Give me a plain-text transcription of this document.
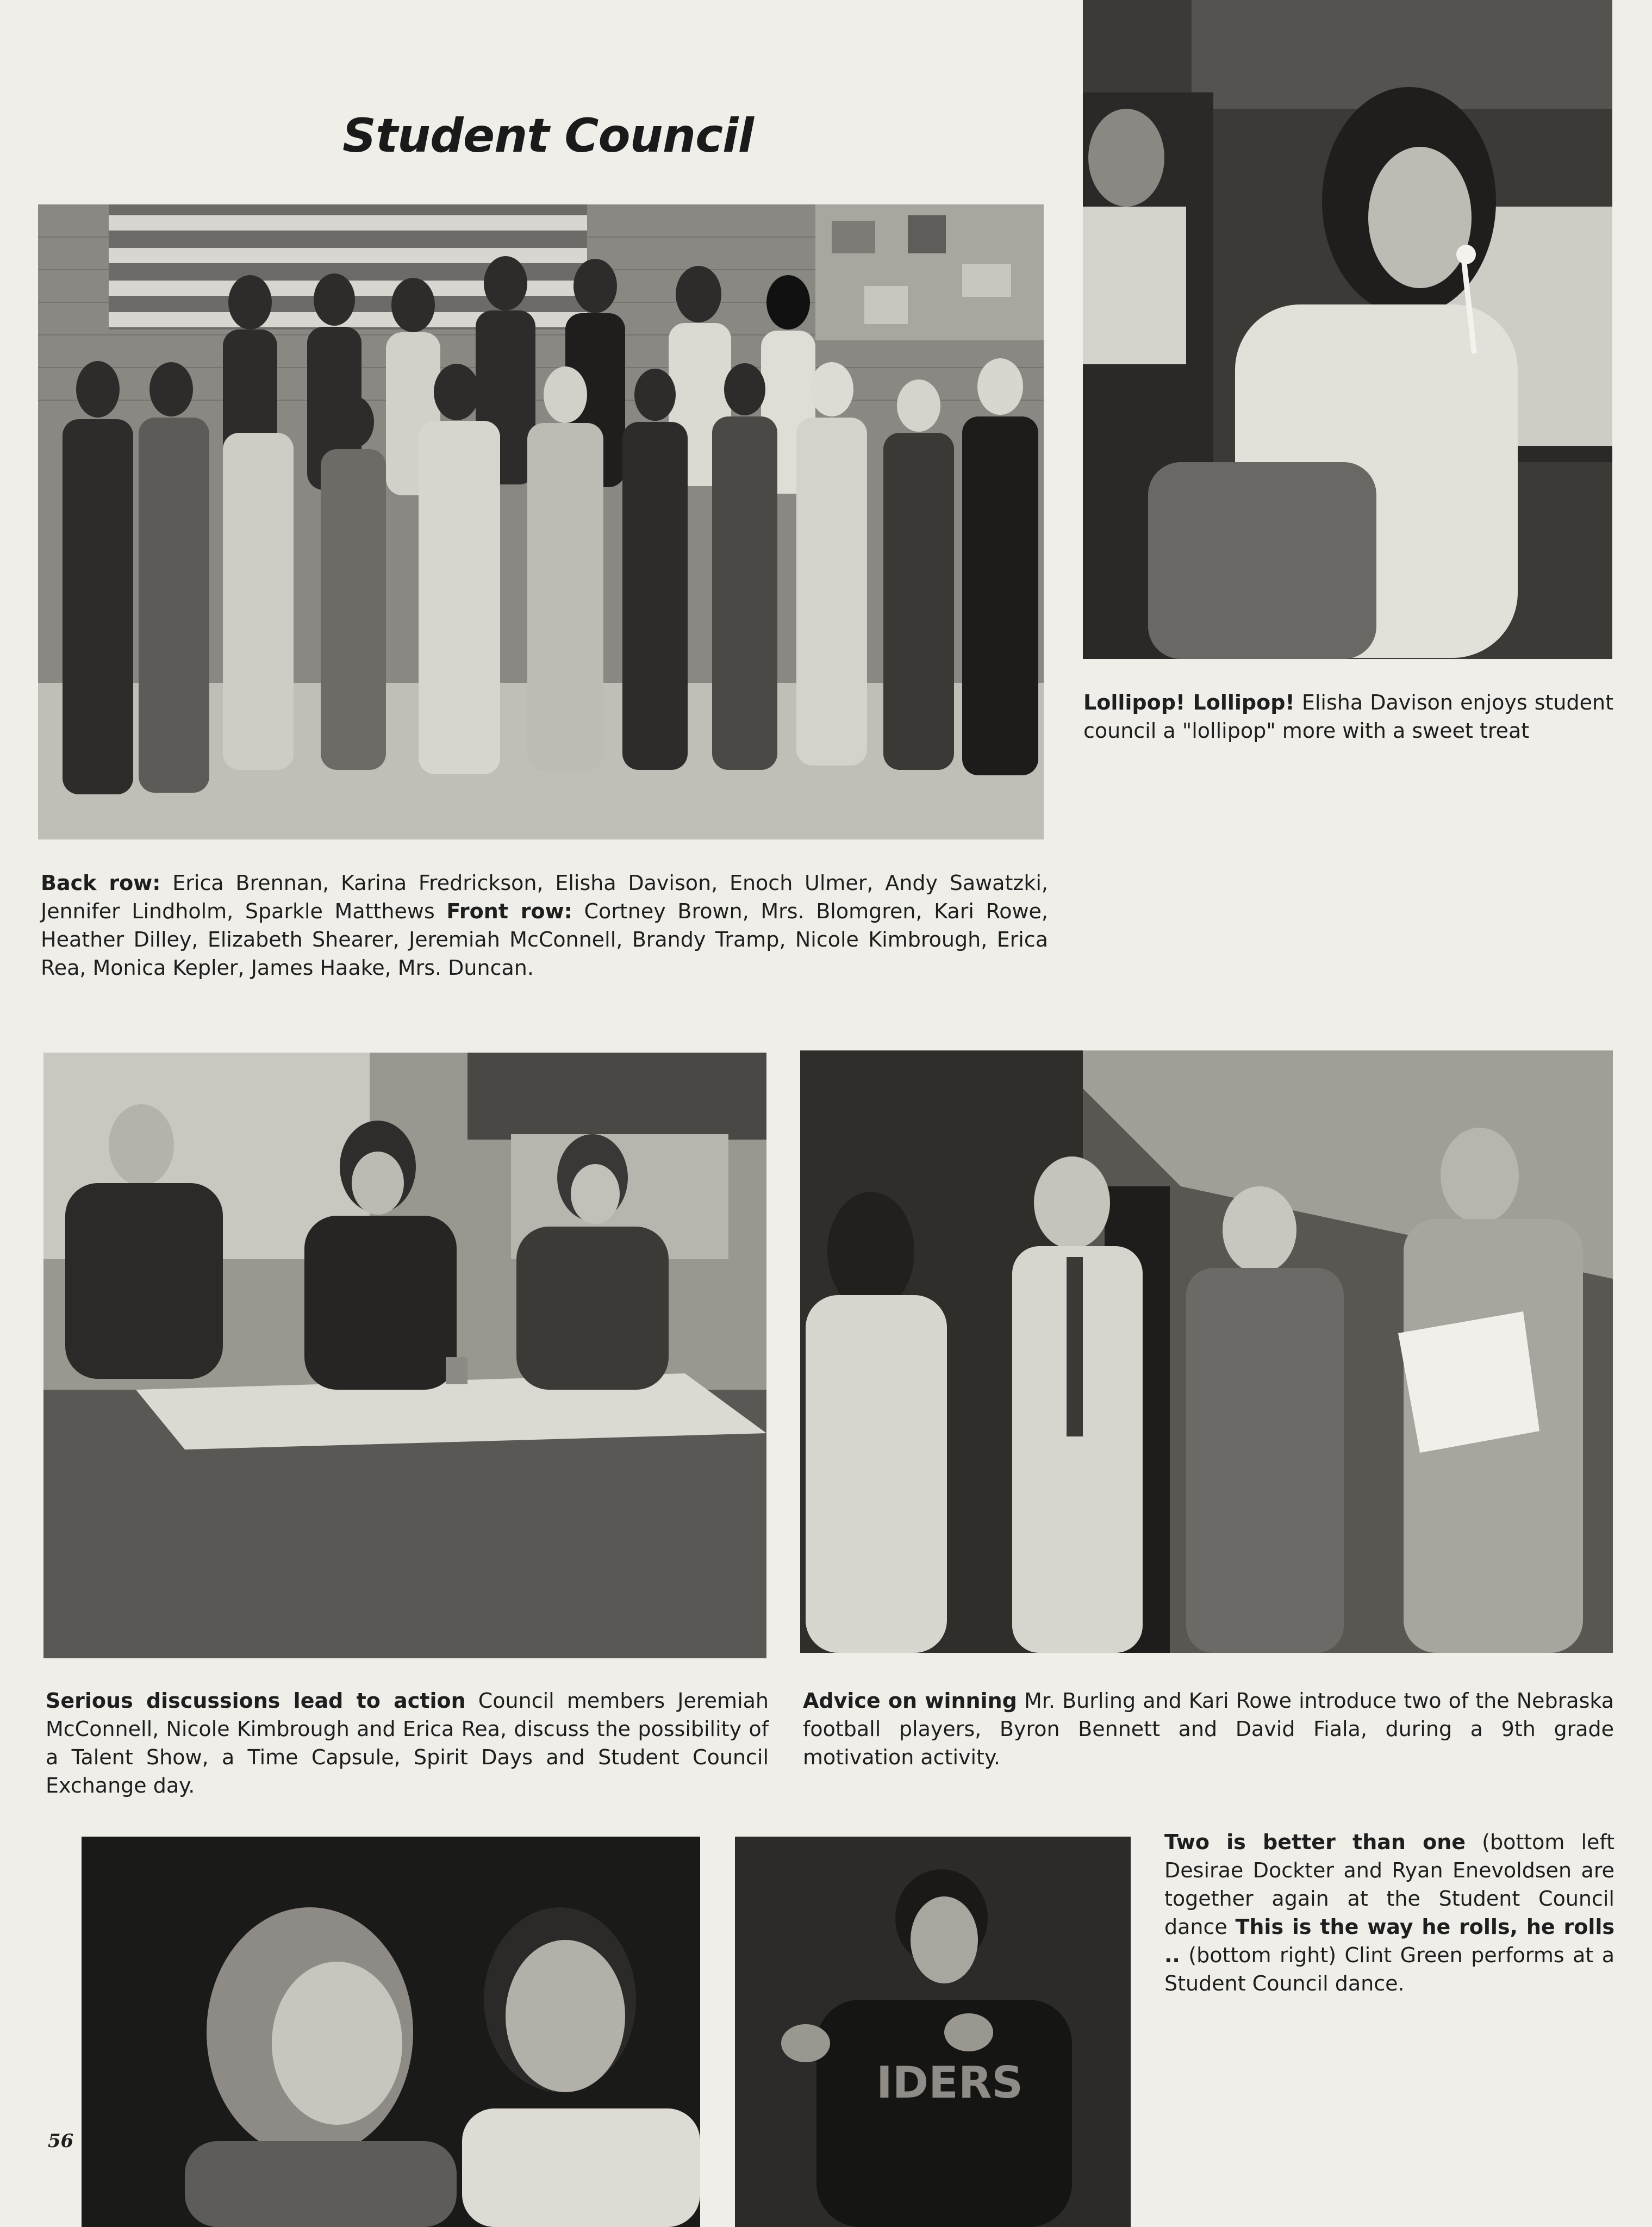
Student Council

Lollipop! Lollipop! Elisha Davison enjoys student council a "lollipop" more with a sweet treat

Back row: Erica Brennan, Karina Fredrickson, Elisha Davison, Enoch Ulmer, Andy Sawatzki, Jennifer Lindholm, Sparkle Matthews Front row: Cortney Brown, Mrs. Blomgren, Kari Rowe, Heather Dilley, Elizabeth Shearer, Jeremiah McConnell, Brandy Tramp, Nicole Kimbrough, Erica Rea, Monica Kepler, James Haake, Mrs. Duncan.

Serious discussions lead to action Council members Jeremiah McConnell, Nicole Kimbrough and Erica Rea, discuss the possibility of a Talent Show, a Time Capsule, Spirit Days and Student Council Exchange day.

Advice on winning Mr. Burling and Kari Rowe introduce two of the Nebraska football players, Byron Bennett and David Fiala, during a 9th grade motivation activity.

IDERS

Two is better than one (bottom left Desirae Dockter and Ryan Enevoldsen are together again at the Student Council dance This is the way he rolls, he rolls .. (bottom right) Clint Green performs at a Student Council dance.

56
